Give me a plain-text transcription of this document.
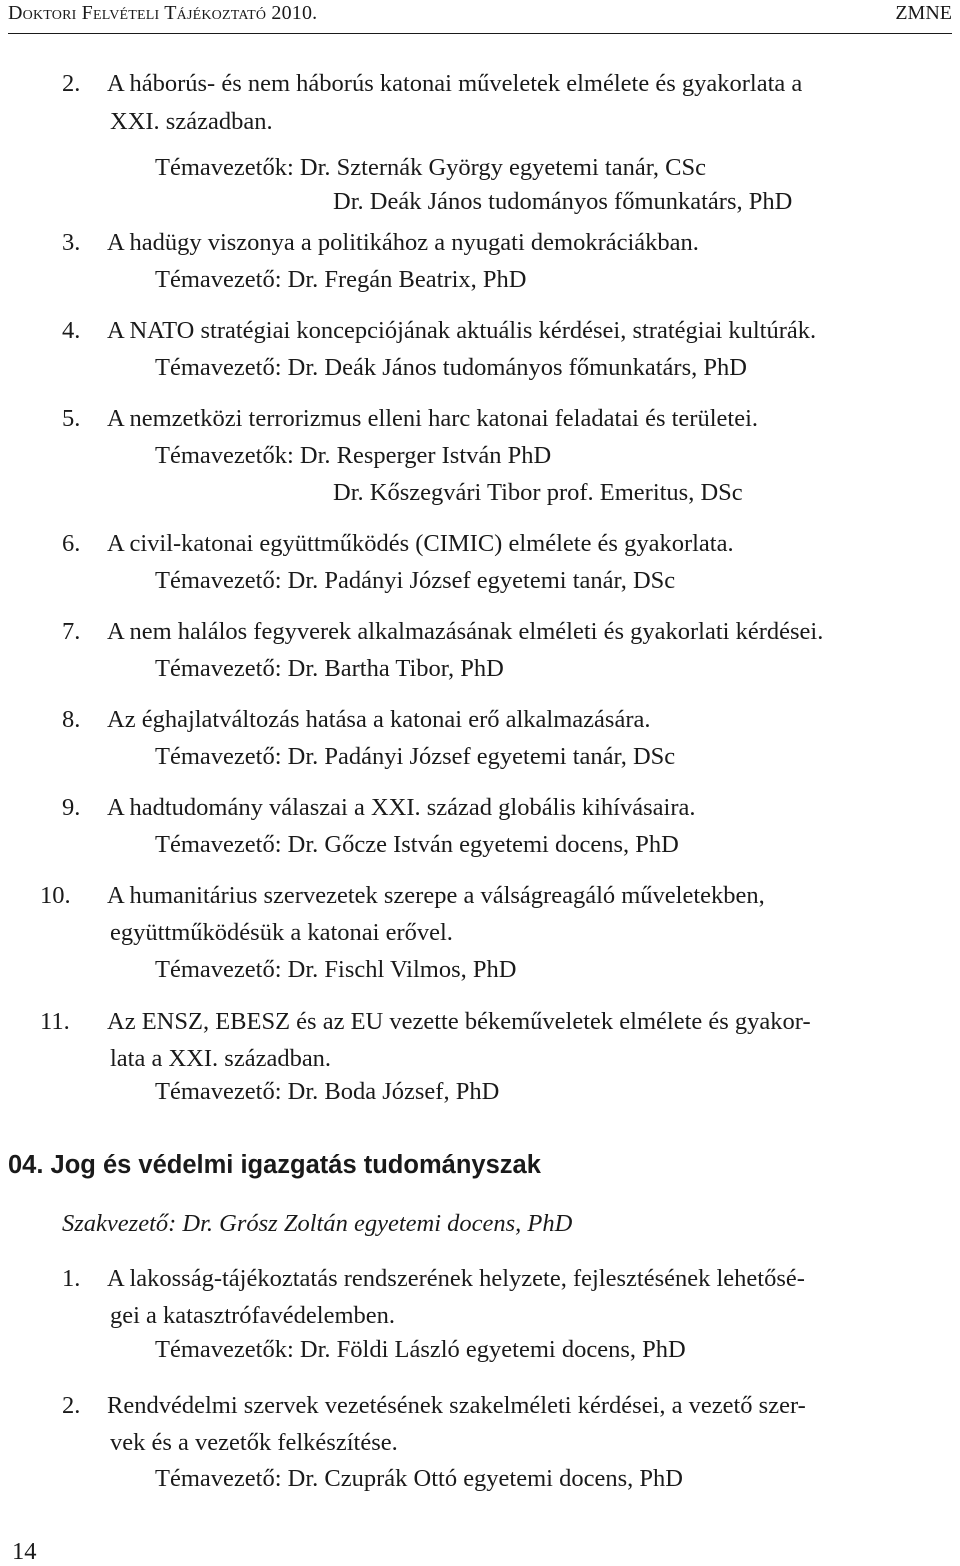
Doktori Felvételi Tájékoztató 2010.	ZMNE
2. A háborús- és nem háborús katonai műveletek elmélete és gyakorlata a
XXI. században.
Témavezetők: Dr. Szternák György egyetemi tanár, CSc
Dr. Deák János tudományos főmunkatárs, PhD
3. A hadügy viszonya a politikához a nyugati demokráciákban.
Témavezető: Dr. Fregán Beatrix, PhD
4. A NATO stratégiai koncepciójának aktuális kérdései, stratégiai kultúrák.
Témavezető: Dr. Deák János tudományos főmunkatárs, PhD
5. A nemzetközi terrorizmus elleni harc katonai feladatai és területei.
Témavezetők: Dr. Resperger István PhD
Dr. Kőszegvári Tibor prof. Emeritus, DSc
6. A civil-katonai együttműködés (CIMIC) elmélete és gyakorlata.
Témavezető: Dr. Padányi József egyetemi tanár, DSc
7. A nem halálos fegyverek alkalmazásának elméleti és gyakorlati kérdései.
Témavezető: Dr. Bartha Tibor, PhD
8. Az éghajlatváltozás hatása a katonai erő alkalmazására.
Témavezető: Dr. Padányi József egyetemi tanár, DSc
9. A hadtudomány válaszai a XXI. század globális kihívásaira.
Témavezető: Dr. Gőcze István egyetemi docens, PhD
10. A humanitárius szervezetek szerepe a válságreagáló műveletekben,
együttműködésük a katonai erővel.
Témavezető: Dr. Fischl Vilmos, PhD
11. Az ENSZ, EBESZ és az EU vezette békeműveletek elmélete és gyakor-
lata a XXI. században.
Témavezető: Dr. Boda József, PhD
04. Jog és védelmi igazgatás tudományszak
Szakvezető: Dr. Grósz Zoltán egyetemi docens, PhD
1. A lakosság-tájékoztatás rendszerének helyzete, fejlesztésének lehetősé-
gei a katasztrófavédelemben.
Témavezetők: Dr. Földi László egyetemi docens, PhD
2. Rendvédelmi szervek vezetésének szakelméleti kérdései, a vezető szer-
vek és a vezetők felkészítése.
Témavezető: Dr. Czuprák Ottó egyetemi docens, PhD
14
